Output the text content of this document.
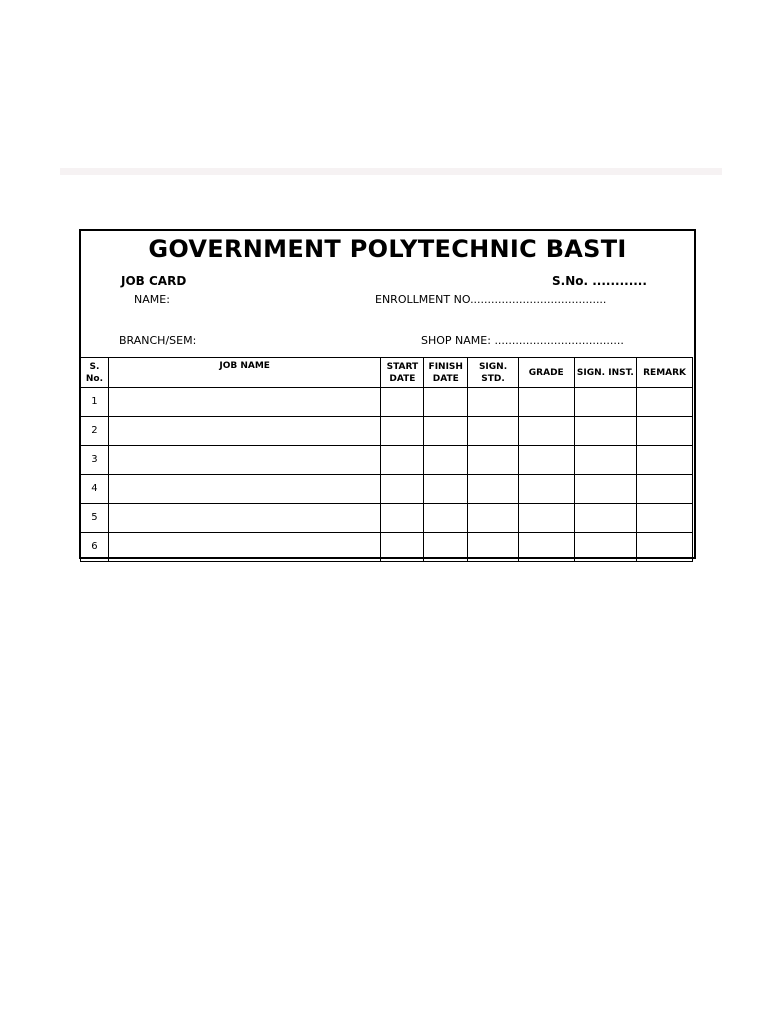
GOVERNMENT POLYTECHNIC BASTI
JOB CARD	S.No. ............
NAME:	ENROLLMENT NO.......................................
BRANCH/SEM:	SHOP NAME: .....................................
S. No.	JOB NAME	START DATE	FINISH DATE	SIGN. STD.	GRADE	SIGN. INST.	REMARK
1							
2							
3							
4							
5							
6							
